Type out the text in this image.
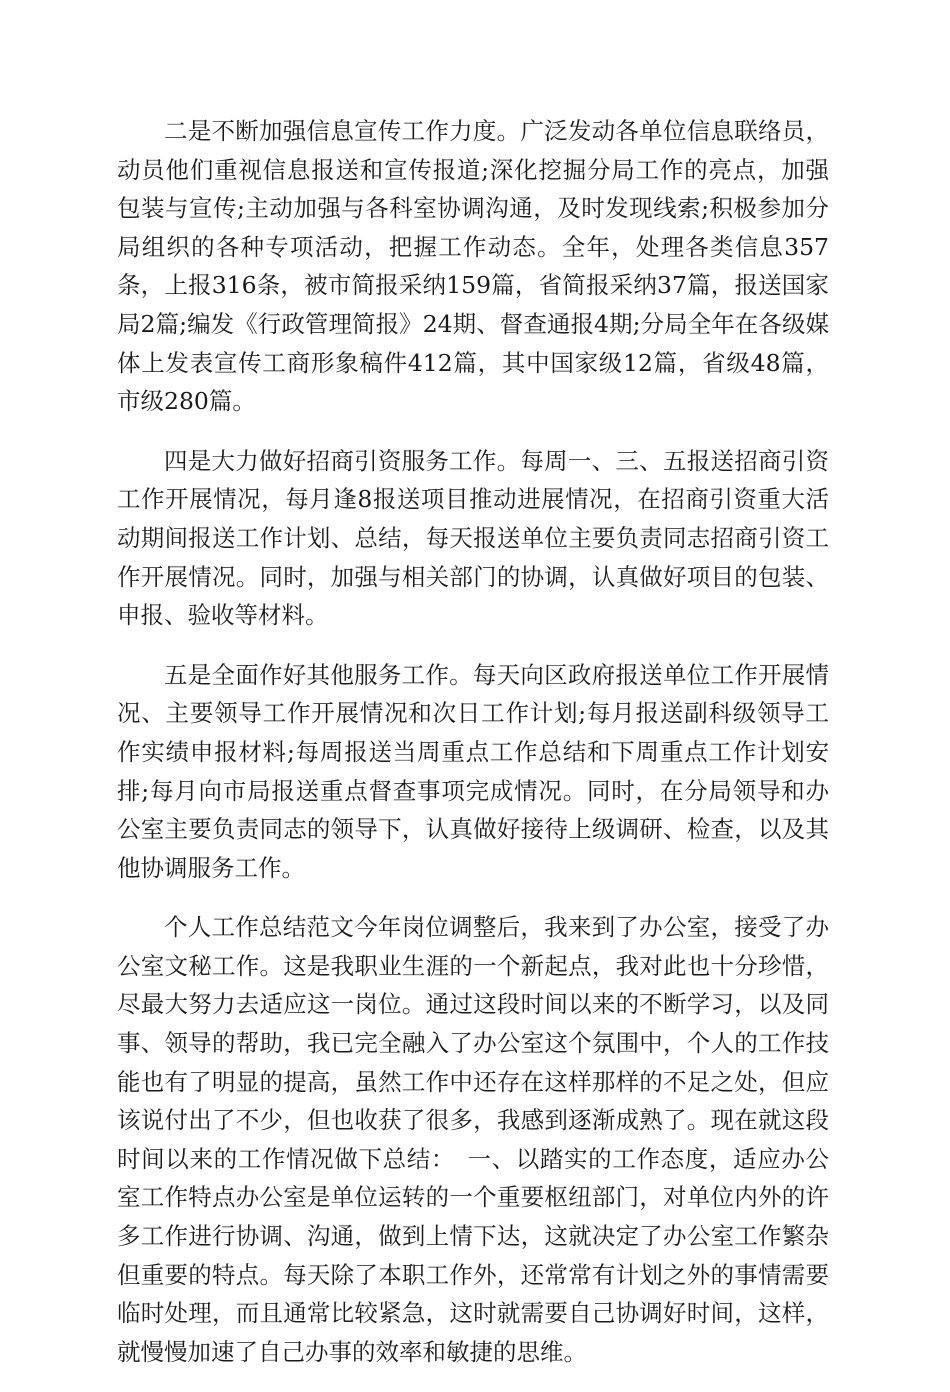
二是不断加强信息宣传工作力度。广泛发动各单位信息联络员，动员他们重视信息报送和宣传报道;深化挖掘分局工作的亮点，加强包装与宣传;主动加强与各科室协调沟通，及时发现线索;积极参加分局组织的各种专项活动，把握工作动态。全年，处理各类信息357条，上报316条，被市简报采纳159篇，省简报采纳37篇，报送国家局2篇;编发《行政管理简报》24期、督查通报4期;分局全年在各级媒体上发表宣传工商形象稿件412篇，其中国家级12篇，省级48篇，市级280篇。

四是大力做好招商引资服务工作。每周一、三、五报送招商引资工作开展情况，每月逢8报送项目推动进展情况，在招商引资重大活动期间报送工作计划、总结，每天报送单位主要负责同志招商引资工作开展情况。同时，加强与相关部门的协调，认真做好项目的包装、申报、验收等材料。

五是全面作好其他服务工作。每天向区政府报送单位工作开展情况、主要领导工作开展情况和次日工作计划;每月报送副科级领导工作实绩申报材料;每周报送当周重点工作总结和下周重点工作计划安排;每月向市局报送重点督查事项完成情况。同时，在分局领导和办公室主要负责同志的领导下，认真做好接待上级调研、检查，以及其他协调服务工作。

个人工作总结范文今年岗位调整后，我来到了办公室，接受了办公室文秘工作。这是我职业生涯的一个新起点，我对此也十分珍惜，尽最大努力去适应这一岗位。通过这段时间以来的不断学习，以及同事、领导的帮助，我已完全融入了办公室这个氛围中，个人的工作技能也有了明显的提高，虽然工作中还存在这样那样的不足之处，但应该说付出了不少，但也收获了很多，我感到逐渐成熟了。现在就这段时间以来的工作情况做下总结：　一、以踏实的工作态度，适应办公室工作特点办公室是单位运转的一个重要枢纽部门，对单位内外的许多工作进行协调、沟通，做到上情下达，这就决定了办公室工作繁杂但重要的特点。每天除了本职工作外，还常常有计划之外的事情需要临时处理，而且通常比较紧急，这时就需要自己协调好时间，这样，就慢慢加速了自己办事的效率和敏捷的思维。
